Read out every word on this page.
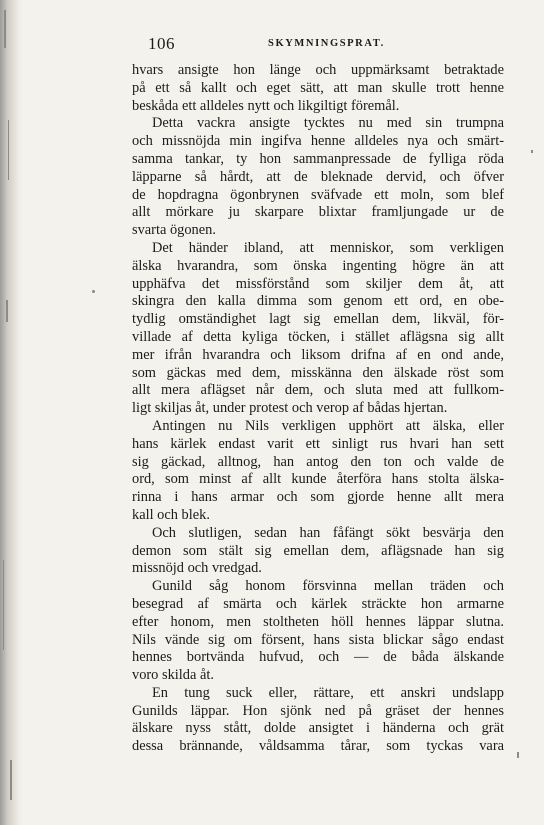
106	SKYMNINGSPRAT.
hvars ansigte hon länge och uppmärksamt betraktade
på ett så kallt och eget sätt, att man skulle trott henne
beskåda ett alldeles nytt och likgiltigt föremål.
Detta vackra ansigte tycktes nu med sin trumpna
och missnöjda min ingifva henne alldeles nya och smärt-
samma tankar, ty hon sammanpressade de fylliga röda
läpparne så hårdt, att de bleknade dervid, och öfver
de hopdragna ögonbrynen sväfvade ett moln, som blef
allt mörkare ju skarpare blixtar framljungade ur de
svarta ögonen.
Det händer ibland, att menniskor, som verkligen
älska hvarandra, som önska ingenting högre än att
upphäfva det missförstånd som skiljer dem åt, att
skingra den kalla dimma som genom ett ord, en obe-
tydlig omständighet lagt sig emellan dem, likväl, för-
villade af detta kyliga töcken, i stället aflägsna sig allt
mer ifrån hvarandra och liksom drifna af en ond ande,
som gäckas med dem, misskänna den älskade röst som
allt mera aflägset når dem, och sluta med att fullkom-
ligt skiljas åt, under protest och verop af bådas hjertan.
Antingen nu Nils verkligen upphört att älska, eller
hans kärlek endast varit ett sinligt rus hvari han sett
sig gäckad, alltnog, han antog den ton och valde de
ord, som minst af allt kunde återföra hans stolta älska-
rinna i hans armar och som gjorde henne allt mera
kall och blek.
Och slutligen, sedan han fåfängt sökt besvärja den
demon som stält sig emellan dem, aflägsnade han sig
missnöjd och vredgad.
Gunild såg honom försvinna mellan träden och
besegrad af smärta och kärlek sträckte hon armarne
efter honom, men stoltheten höll hennes läppar slutna.
Nils vände sig om försent, hans sista blickar sågo endast
hennes bortvända hufvud, och — de båda älskande
voro skilda åt.
En tung suck eller, rättare, ett anskri undslapp
Gunilds läppar. Hon sjönk ned på gräset der hennes
älskare nyss stått, dolde ansigtet i händerna och grät
dessa brännande, våldsamma tårar, som tyckas vara
